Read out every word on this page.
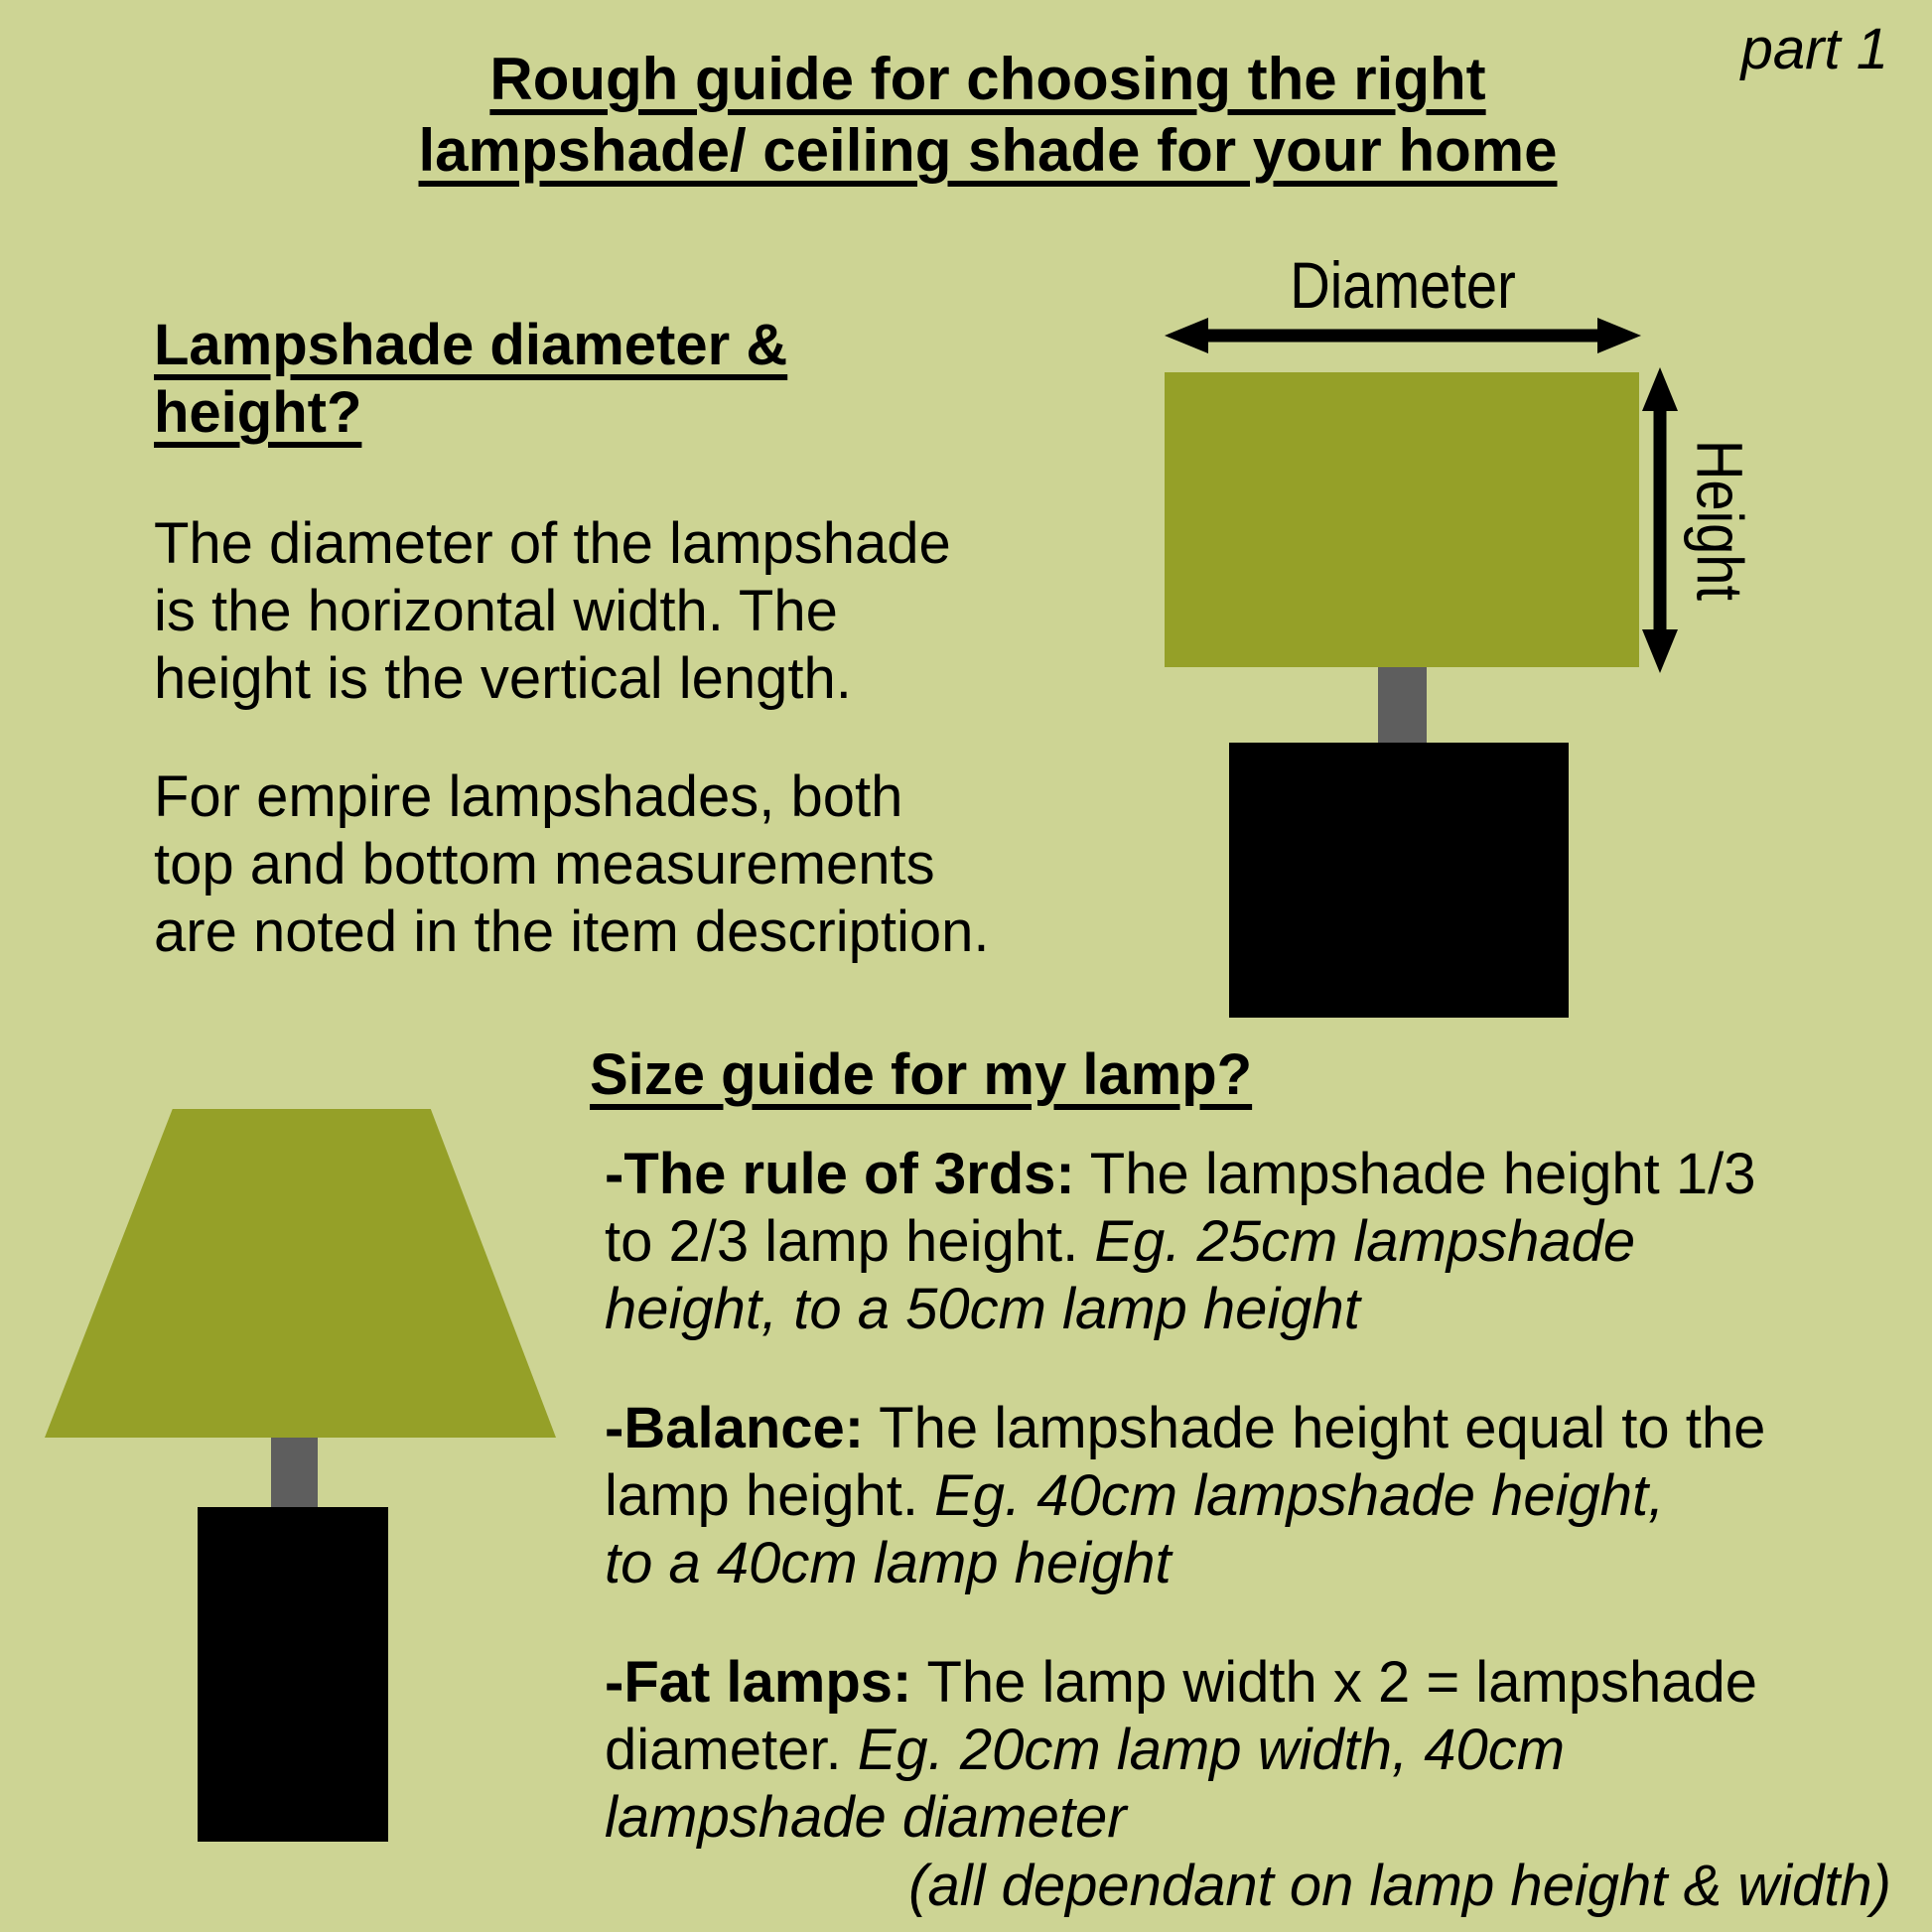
part 1
Rough guide for choosing the right
lampshade/ ceiling shade for your home
Lampshade diameter &
height?
The diameter of the lampshade
is the horizontal width. The
height is the vertical length.
For empire lampshades, both
top and bottom measurements
are noted in the item description.
Diameter
Height
Size guide for my lamp?
-The rule of 3rds: The lampshade height 1/3
to 2/3 lamp height. Eg. 25cm lampshade
height, to a 50cm lamp height
-Balance: The lampshade height equal to the
lamp height. Eg. 40cm lampshade height,
to a 40cm lamp height
-Fat lamps: The lamp width x 2 = lampshade
diameter. Eg. 20cm lamp width, 40cm
lampshade diameter
(all dependant on lamp height & width)
